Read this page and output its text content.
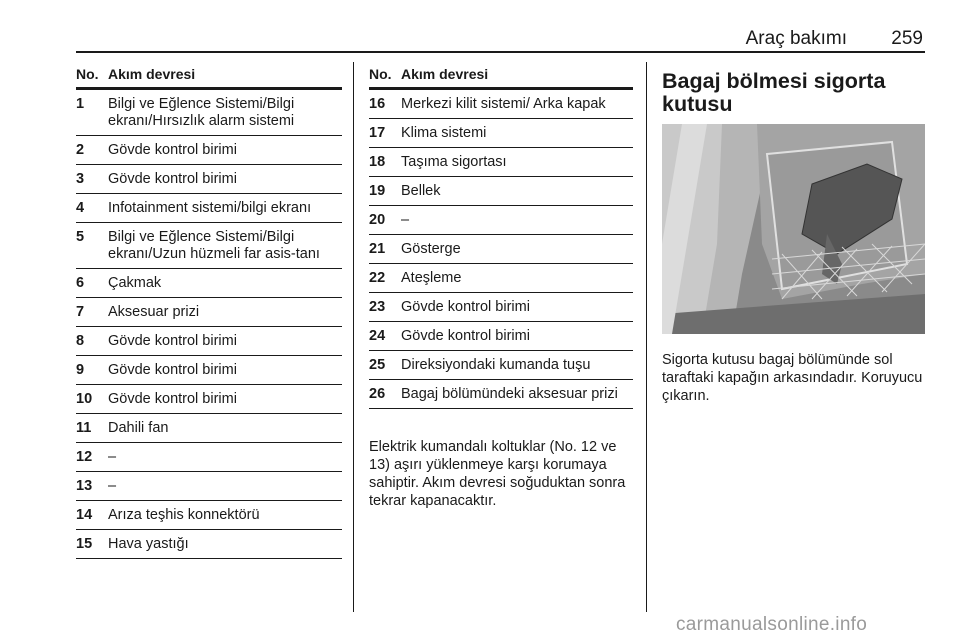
Araç bakımı 259
No. Akım devresi
1	Bilgi ve Eğlence Sistemi/Bilgi ekranı/Hırsızlık alarm sistemi
2	Gövde kontrol birimi
3	Gövde kontrol birimi
4	Infotainment sistemi/bilgi ekranı
5	Bilgi ve Eğlence Sistemi/Bilgi ekranı/Uzun hüzmeli far asis-tanı
6	Çakmak
7	Aksesuar prizi
8	Gövde kontrol birimi
9	Gövde kontrol birimi
10	Gövde kontrol birimi
11	Dahili fan
12	–
13	–
14	Arıza teşhis konnektörü
15	Hava yastığı
No. Akım devresi
16	Merkezi kilit sistemi/ Arka kapak
17	Klima sistemi
18	Taşıma sigortası
19	Bellek
20	–
21	Gösterge
22	Ateşleme
23	Gövde kontrol birimi
24	Gövde kontrol birimi
25	Direksiyondaki kumanda tuşu
26	Bagaj bölümündeki aksesuar prizi

Elektrik kumandalı koltuklar (No. 12 ve 13) aşırı yüklenmeye karşı korumaya sahiptir. Akım devresi soğuduktan sonra tekrar kapanacaktır.

Bagaj bölmesi sigorta kutusu

Sigorta kutusu bagaj bölümünde sol taraftaki kapağın arkasındadır. Koruyucu çıkarın.

carmanualsonline.info
